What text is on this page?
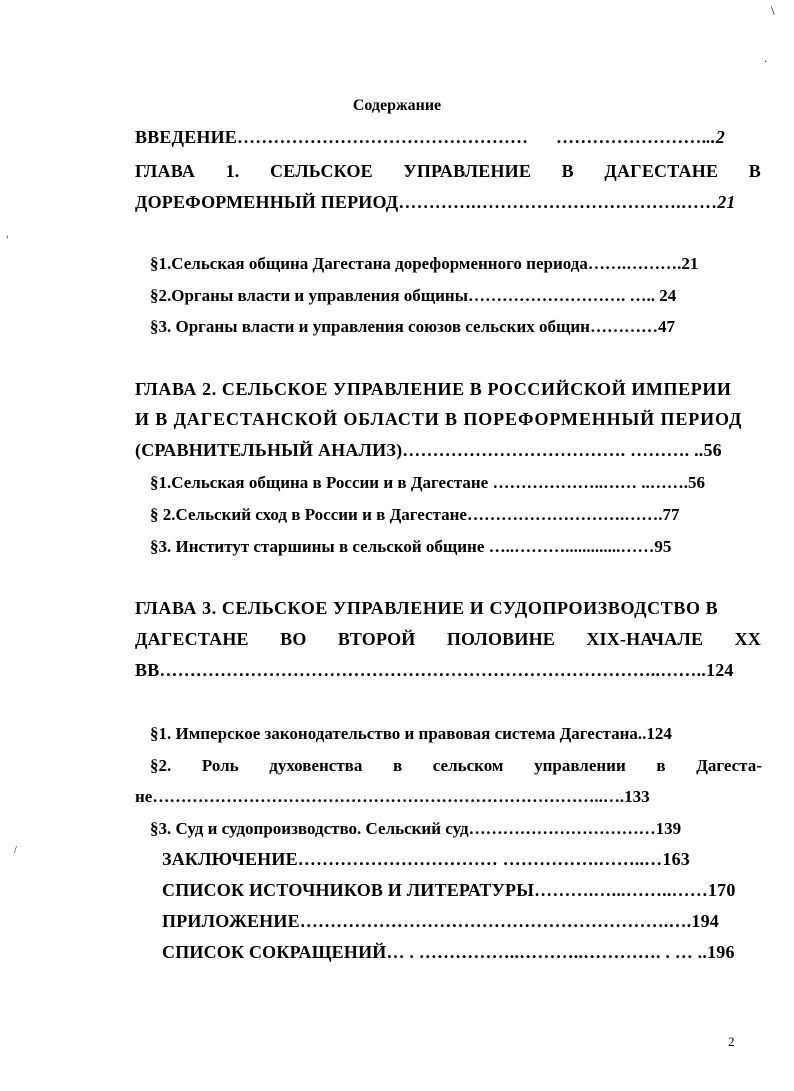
Содержание
ВВЕДЕНИЕ………………………………………… ……………………...2
ГЛАВА 1. СЕЛЬСКОЕ УПРАВЛЕНИЕ В ДАГЕСТАНЕ В
ДОРЕФОРМЕННЫЙ ПЕРИОД………….…………………………….……21
§1.Сельская община Дагестана дореформенного периода…….……….21
§2.Органы власти и управления общины………………………. ….. 24
§3. Органы власти и управления союзов сельских общин…………47
ГЛАВА 2. СЕЛЬСКОЕ УПРАВЛЕНИЕ В РОССИЙСКОЙ ИМПЕРИИ
И В ДАГЕСТАНСКОЙ ОБЛАСТИ В ПОРЕФОРМЕННЫЙ ПЕРИОД
(СРАВНИТЕЛЬНЫЙ АНАЛИЗ)………………………………. ………. ..56
§1.Сельская община в России и в Дагестане ………………..…… ..…….56
§ 2.Сельский сход в России и в Дагестане……………………….…….77
§3. Институт старшины в сельской общине …..……….............……95
ГЛАВА 3. СЕЛЬСКОЕ УПРАВЛЕНИЕ И СУДОПРОИЗВОДСТВО В
ДАГЕСТАНЕ ВО ВТОРОЙ ПОЛОВИНЕ XIX-НАЧАЛЕ XX
ВВ………………………………………………………………………..……..124
§1. Имперское законодательство и правовая система Дагестана..124
§2. Роль духовенства в сельском управлении в Дагеста-
не……………………………………………………………………..….133
§3. Суд и судопроизводство. Сельский суд……………………………139
ЗАКЛЮЧЕНИЕ…………………………… …………….……..…163
СПИСОК ИСТОЧНИКОВ И ЛИТЕРАТУРЫ……….…...……..……170
ПРИЛОЖЕНИЕ…………………………………………………….….194
СПИСОК СОКРАЩЕНИЙ… . ……………..………..…………. . … ..196
2
\
·
‹
/
